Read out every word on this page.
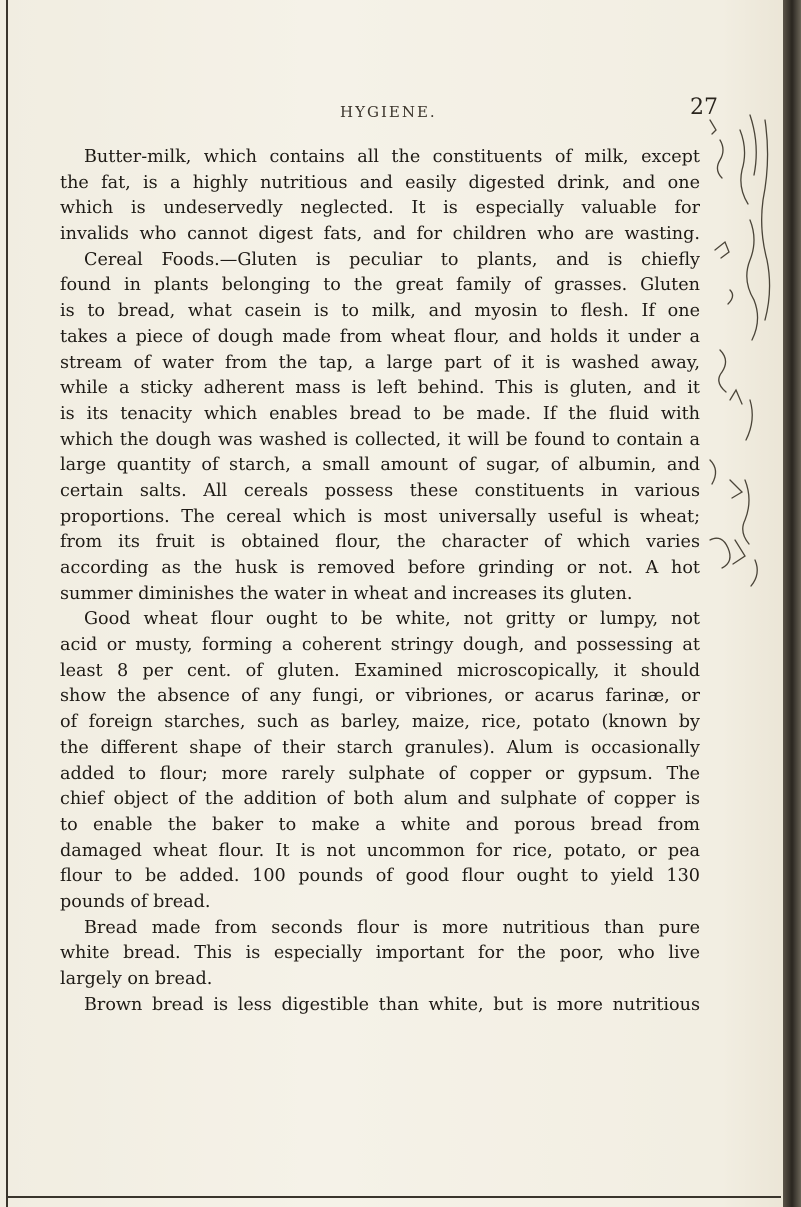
HYGIENE.	27
Butter-milk, which contains all the constituents of milk, except
the fat, is a highly nutritious and easily digested drink, and one
which is undeservedly neglected. It is especially valuable for
invalids who cannot digest fats, and for children who are wasting.
Cereal Foods.—Gluten is peculiar to plants, and is chiefly
found in plants belonging to the great family of grasses. Gluten
is to bread, what casein is to milk, and myosin to flesh. If one
takes a piece of dough made from wheat flour, and holds it under a
stream of water from the tap, a large part of it is washed away,
while a sticky adherent mass is left behind. This is gluten, and it
is its tenacity which enables bread to be made. If the fluid with
which the dough was washed is collected, it will be found to contain a
large quantity of starch, a small amount of sugar, of albumin, and
certain salts. All cereals possess these constituents in various
proportions. The cereal which is most universally useful is wheat;
from its fruit is obtained flour, the character of which varies
according as the husk is removed before grinding or not. A hot
summer diminishes the water in wheat and increases its gluten.
Good wheat flour ought to be white, not gritty or lumpy, not
acid or musty, forming a coherent stringy dough, and possessing at
least 8 per cent. of gluten. Examined microscopically, it should
show the absence of any fungi, or vibriones, or acarus farinæ, or
of foreign starches, such as barley, maize, rice, potato (known by
the different shape of their starch granules). Alum is occasionally
added to flour; more rarely sulphate of copper or gypsum. The
chief object of the addition of both alum and sulphate of copper is
to enable the baker to make a white and porous bread from
damaged wheat flour. It is not uncommon for rice, potato, or pea
flour to be added. 100 pounds of good flour ought to yield 130
pounds of bread.
Bread made from seconds flour is more nutritious than pure
white bread. This is especially important for the poor, who live
largely on bread.
Brown bread is less digestible than white, but is more nutritious
